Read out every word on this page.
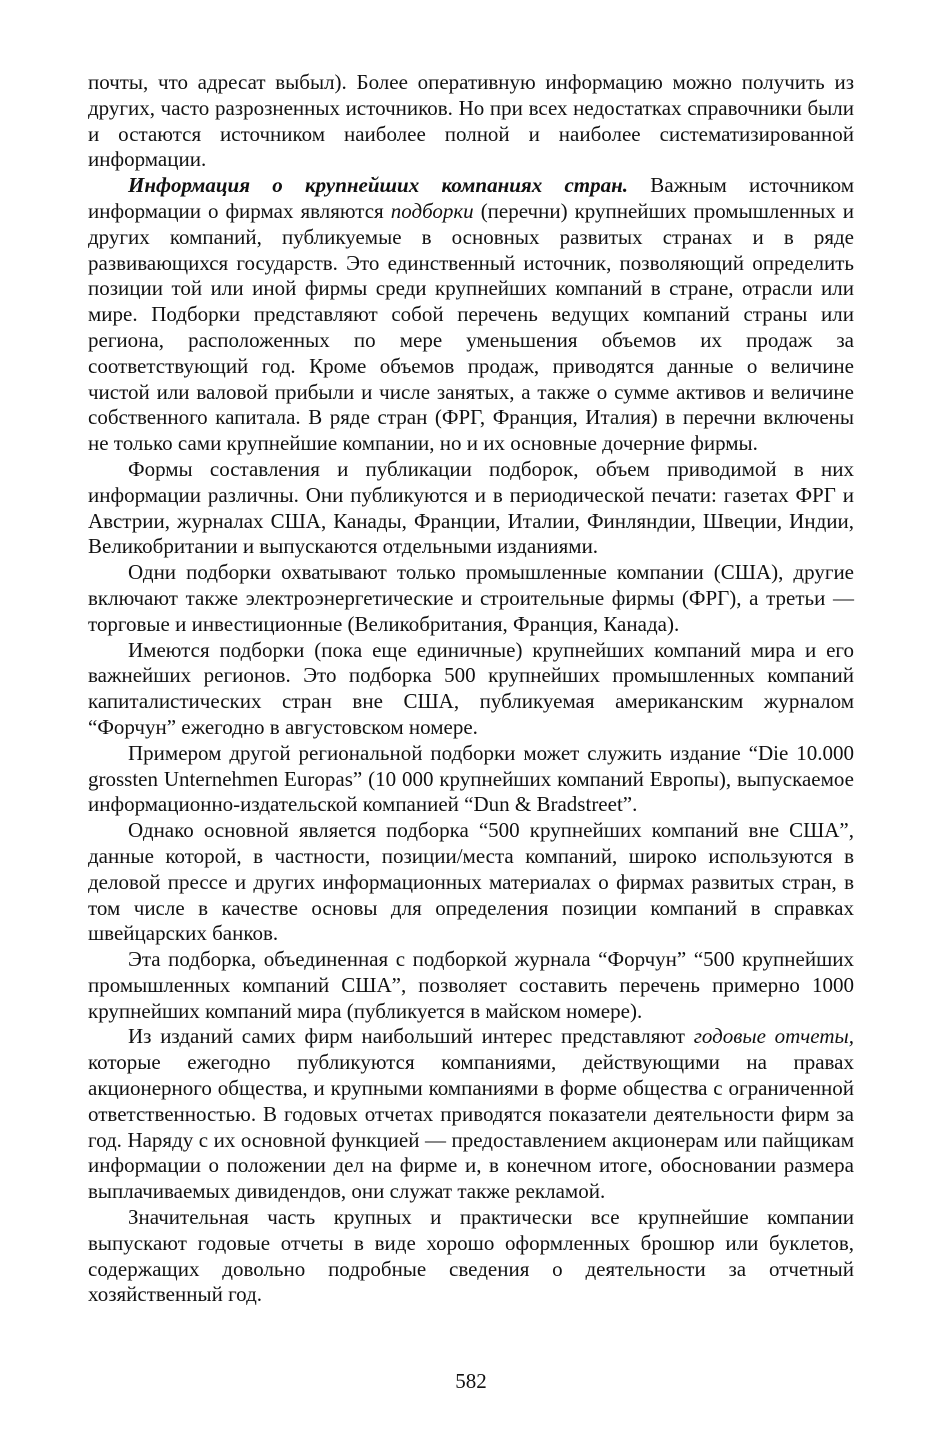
почты, что адресат выбыл). Более оперативную информацию можно получить из других, часто разрозненных источников. Но при всех недостатках справочники были и остаются источником наиболее полной и наиболее систематизированной информации.

Информация о крупнейших компаниях стран. Важным источником информации о фирмах являются подборки (перечни) крупнейших промышленных и других компаний, публикуемые в основных развитых странах и в ряде развивающихся государств. Это единственный источник, позволяющий определить позиции той или иной фирмы среди крупнейших компаний в стране, отрасли или мире. Подборки представляют собой перечень ведущих компаний страны или региона, расположенных по мере уменьшения объемов их продаж за соответствующий год. Кроме объемов продаж, приводятся данные о величине чистой или валовой прибыли и числе занятых, а также о сумме активов и величине собственного капитала. В ряде стран (ФРГ, Франция, Италия) в перечни включены не только сами крупнейшие компании, но и их основные дочерние фирмы.

Формы составления и публикации подборок, объем приводимой в них информации различны. Они публикуются и в периодической печати: газетах ФРГ и Австрии, журналах США, Канады, Франции, Италии, Финляндии, Швеции, Индии, Великобритании и выпускаются отдельными изданиями.

Одни подборки охватывают только промышленные компании (США), другие включают также электроэнергетические и строительные фирмы (ФРГ), а третьи — торговые и инвестиционные (Великобритания, Франция, Канада).

Имеются подборки (пока еще единичные) крупнейших компаний мира и его важнейших регионов. Это подборка 500 крупнейших промышленных компаний капиталистических стран вне США, публикуемая американским журналом “Форчун” ежегодно в августовском номере.

Примером другой региональной подборки может служить издание “Die 10.000 grossten Unternehmen Europas” (10 000 крупнейших компаний Европы), выпускаемое информационно-издательской компанией “Dun & Bradstreet”.

Однако основной является подборка “500 крупнейших компаний вне США”, данные которой, в частности, позиции/места компаний, широко используются в деловой прессе и других информационных материалах о фирмах развитых стран, в том числе в качестве основы для определения позиции компаний в справках швейцарских банков.

Эта подборка, объединенная с подборкой журнала “Форчун” “500 крупнейших промышленных компаний США”, позволяет составить перечень примерно 1000 крупнейших компаний мира (публикуется в майском номере).

Из изданий самих фирм наибольший интерес представляют годовые отчеты, которые ежегодно публикуются компаниями, действующими на правах акционерного общества, и крупными компаниями в форме общества с ограниченной ответственностью. В годовых отчетах приводятся показатели деятельности фирм за год. Наряду с их основной функцией — предоставлением акционерам или пайщикам информации о положении дел на фирме и, в конечном итоге, обосновании размера выплачиваемых дивидендов, они служат также рекламой.

Значительная часть крупных и практически все крупнейшие компании выпускают годовые отчеты в виде хорошо оформленных брошюр или буклетов, содержащих довольно подробные сведения о деятельности за отчетный хозяйственный год.

582
